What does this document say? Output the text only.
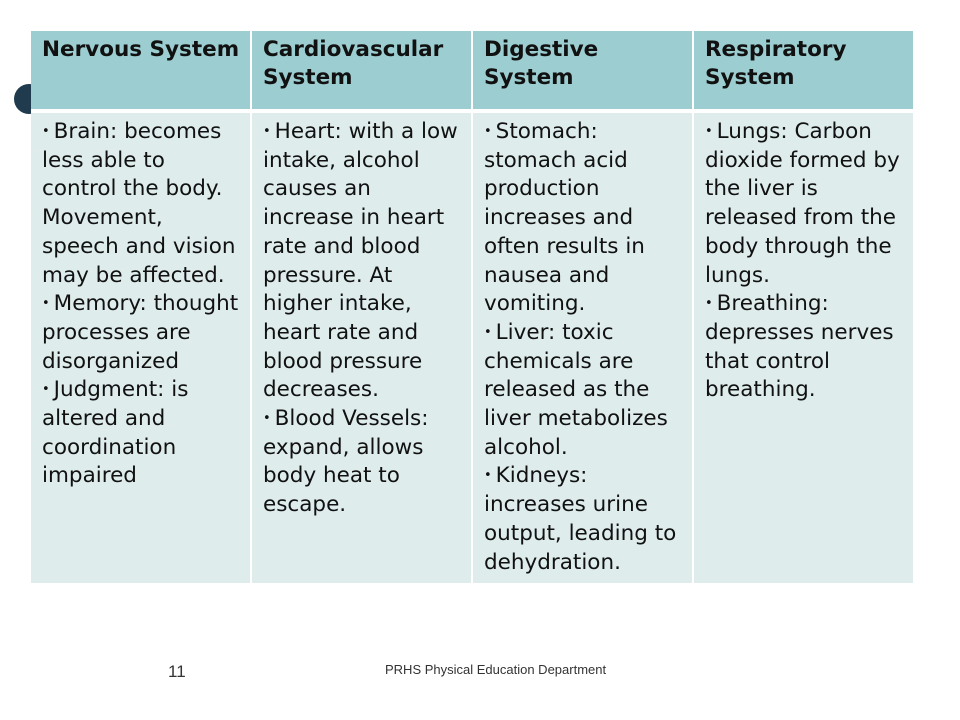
Nervous System	Cardiovascular System
Digestive System
Respiratory System
• Brain: becomes less able to control the body. Movement, speech and vision may be affected.
• Memory: thought processes are disorganized
• Judgment: is altered and coordination impaired
• Heart: with a low intake, alcohol causes an increase in heart rate and blood pressure. At higher intake, heart rate and blood pressure decreases.
• Blood Vessels: expand, allows body heat to escape.
• Stomach: stomach acid production increases and often results in nausea and vomiting.
• Liver: toxic chemicals are released as the liver metabolizes alcohol.
• Kidneys: increases urine output, leading to dehydration.
• Lungs: Carbon dioxide formed by the liver is released from the body through the lungs.
• Breathing: depresses nerves that control breathing.
11	PRHS Physical Education Department
